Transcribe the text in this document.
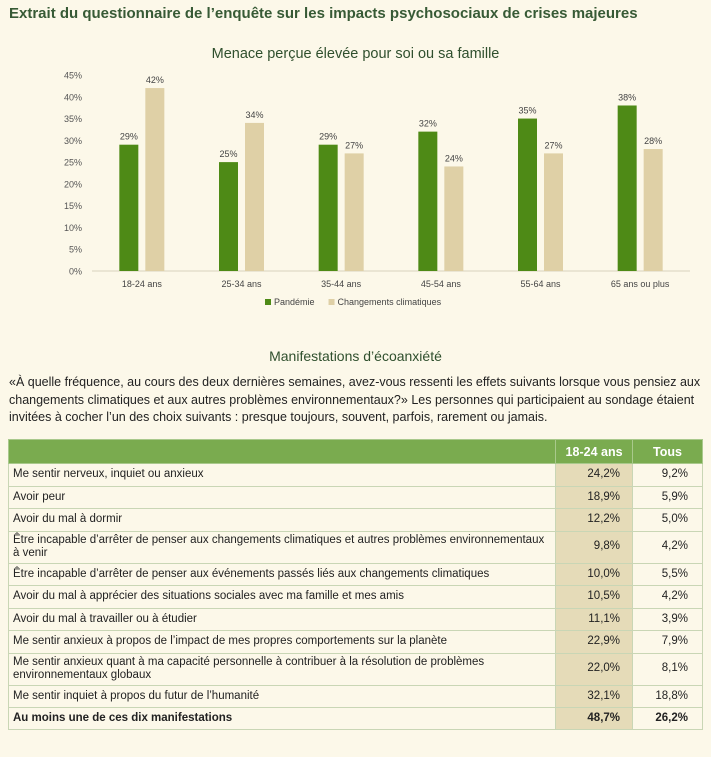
Extrait du questionnaire de l’enquête sur les impacts psychosociaux de crises majeures
Menace perçue élevée pour soi ou sa famille
0%
5%
10%
15%
20%
25%
30%
35%
40%
45%
29%
42%
25%
34%
29%
27%
32%
24%
35%
27%
38%
28%
18-24 ans	25-34 ans	35-44 ans	45-54 ans	55-64 ans	65 ans ou plus
Pandémie	Changements climatiques
Manifestations d’écoanxiété

«À quelle fréquence, au cours des deux dernières semaines, avez-vous ressenti les effets suivants lorsque vous pensiez aux changements climatiques et aux autres problèmes environnementaux?» Les personnes qui participaient au sondage étaient invitées à cocher l’un des choix suivants : presque toujours, souvent, parfois, rarement ou jamais.

	18-24 ans	Tous
Me sentir nerveux, inquiet ou anxieux	24,2%	9,2%
Avoir peur	18,9%	5,9%
Avoir du mal à dormir	12,2%	5,0%
Être incapable d’arrêter de penser aux changements climatiques et autres problèmes environnementaux à venir	9,8%	4,2%
Être incapable d’arrêter de penser aux événements passés liés aux changements climatiques	10,0%	5,5%
Avoir du mal à apprécier des situations sociales avec ma famille et mes amis	10,5%	4,2%
Avoir du mal à travailler ou à étudier	11,1%	3,9%
Me sentir anxieux à propos de l’impact de mes propres comportements sur la planète	22,9%	7,9%
Me sentir anxieux quant à ma capacité personnelle à contribuer à la résolution de problèmes environnementaux globaux	22,0%	8,1%
Me sentir inquiet à propos du futur de l’humanité	32,1%	18,8%
Au moins une de ces dix manifestations	48,7%	26,2%
